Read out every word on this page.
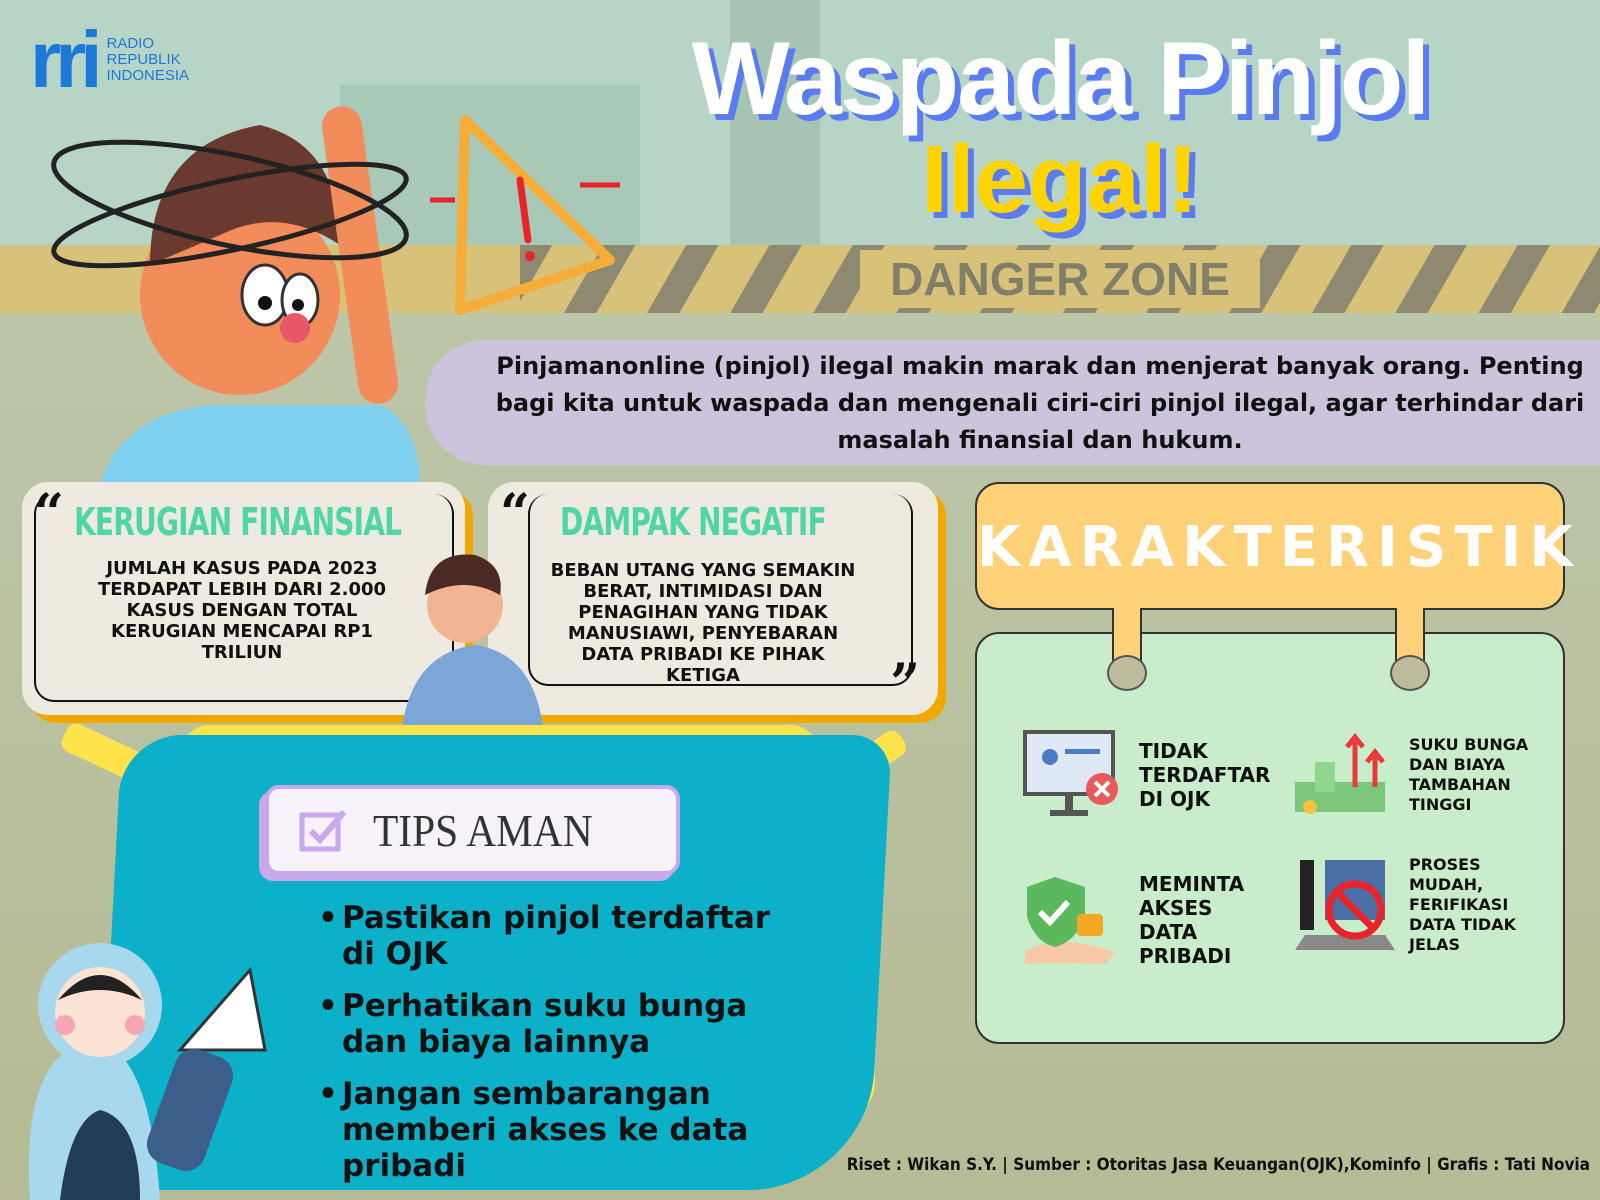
DANGER ZONE
rri RADIO
REPUBLIK
INDONESIA	Waspada Pinjol
Ilegal!
Pinjamanonline (pinjol) ilegal makin marak dan menjerat banyak orang. Penting bagi kita untuk waspada dan mengenali ciri-ciri pinjol ilegal, agar terhindar dari masalah finansial dan hukum.
“ KERUGIAN FINANSIAL

JUMLAH KASUS PADA 2023 TERDAPAT LEBIH DARI 2.000 KASUS DENGAN TOTAL KERUGIAN MENCAPAI RP1 TRILIUN

“
”
DAMPAK NEGATIF

BEBAN UTANG YANG SEMAKIN BERAT, INTIMIDASI DAN PENAGIHAN YANG TIDAK MANUSIAWI, PENYEBARAN DATA PRIBADI KE PIHAK KETIGA

KARAKTERISTIK
TIDAK TERDAFTAR DI OJK
SUKU BUNGA DAN BIAYA TAMBAHAN TINGGI
MEMINTA AKSES DATA PRIBADI
PROSES MUDAH, FERIFIKASI DATA TIDAK JELAS
TIPS AMAN
• Pastikan pinjol terdaftar di OJK
• Perhatikan suku bunga dan biaya lainnya
• Jangan sembarangan memberi akses ke data pribadi	Riset : Wikan S.Y. | Sumber : Otoritas Jasa Keuangan(OJK),Kominfo | Grafis : Tati Novia
